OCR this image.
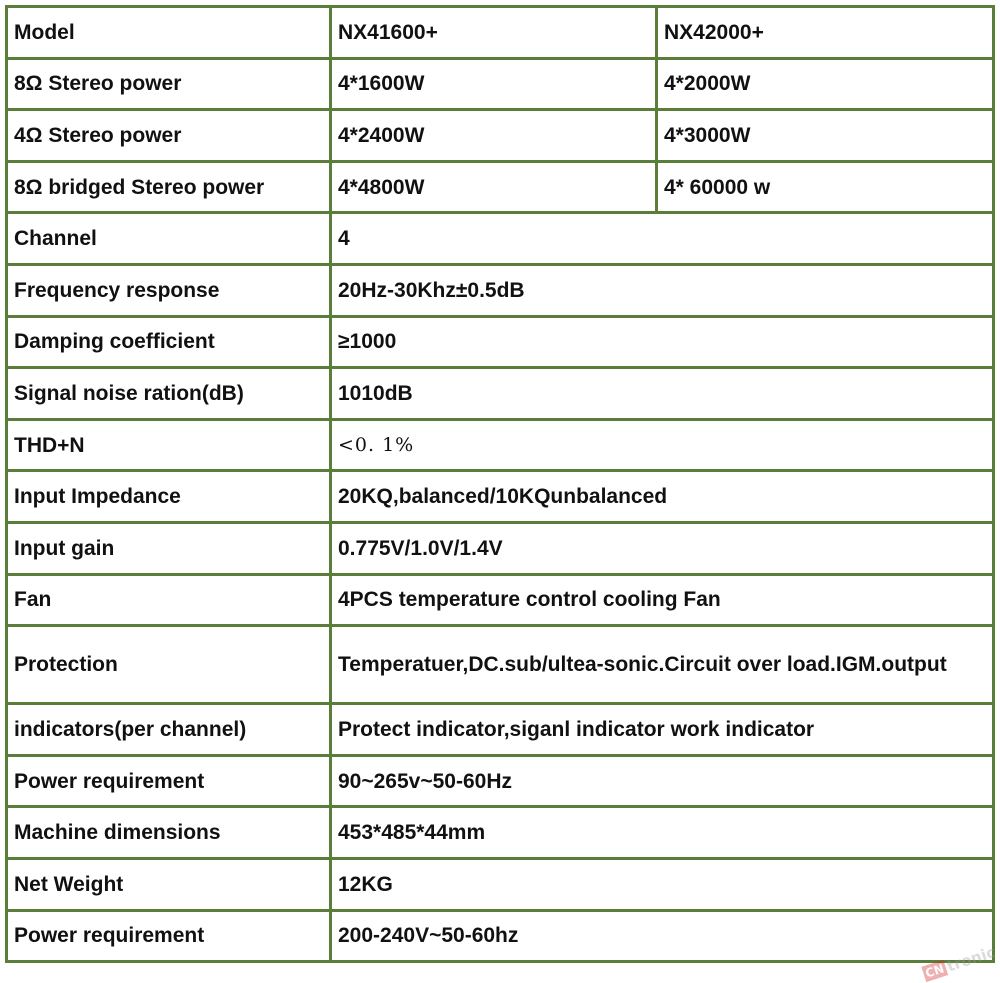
Model	NX41600+	NX42000+
8Ω Stereo power	4*1600W	4*2000W
4Ω Stereo power	4*2400W	4*3000W
8Ω bridged Stereo power	4*4800W	4* 60000 w
Channel	4	
Frequency response	20Hz-30Khz±0.5dB	
Damping coefficient	≥1000	
Signal noise ration(dB)	1010dB	
THD+N	<0. 1%	
Input Impedance	20KQ,balanced/10KQunbalanced	
Input gain	0.775V/1.0V/1.4V	
Fan	4PCS temperature control cooling Fan	
Protection	Temperatuer,DC.sub/ultea-sonic.Circuit over load.IGM.output	
indicators(per channel)	Protect indicator,siganl indicator work indicator	
Power requirement	90~265v~50-60Hz	
Machine dimensions	453*485*44mm	
Net Weight	12KG	
Power requirement	200-240V~50-60hz	
CN
tronic
